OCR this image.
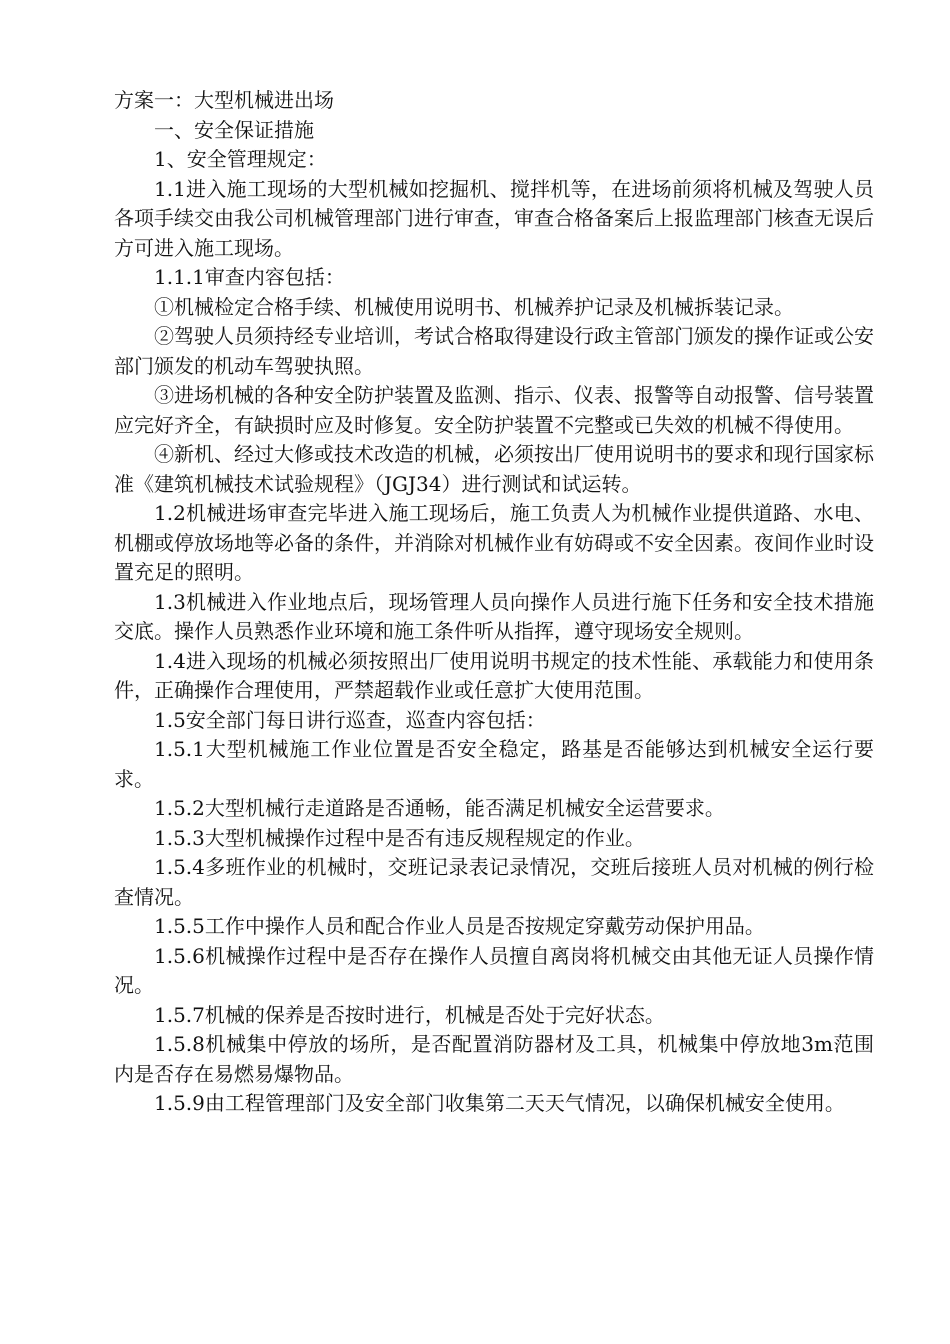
方案一：大型机械进出场

一、安全保证措施

1、安全管理规定：

1.1进入施工现场的大型机械如挖掘机、搅拌机等，在进场前须将机械及驾驶人员各项手续交由我公司机械管理部门进行审查，审查合格备案后上报监理部门核查无误后方可进入施工现场。

1.1.1审查内容包括：

①机械检定合格手续、机械使用说明书、机械养护记录及机械拆装记录。

②驾驶人员须持经专业培训，考试合格取得建设行政主管部门颁发的操作证或公安部门颁发的机动车驾驶执照。

③进场机械的各种安全防护装置及监测、指示、仪表、报警等自动报警、信号装置应完好齐全，有缺损时应及时修复。安全防护装置不完整或已失效的机械不得使用。

④新机、经过大修或技术改造的机械，必须按出厂使用说明书的要求和现行国家标准《建筑机械技术试验规程》（JGJ34）进行测试和试运转。

1.2机械进场审查完毕进入施工现场后，施工负责人为机械作业提供道路、水电、机棚或停放场地等必备的条件，并消除对机械作业有妨碍或不安全因素。夜间作业时设置充足的照明。

1.3机械进入作业地点后，现场管理人员向操作人员进行施下任务和安全技术措施交底。操作人员熟悉作业环境和施工条件听从指挥，遵守现场安全规则。

1.4进入现场的机械必须按照出厂使用说明书规定的技术性能、承载能力和使用条件，正确操作合理使用，严禁超载作业或任意扩大使用范围。

1.5安全部门每日讲行巡查，巡查内容包括：

1.5.1大型机械施工作业位置是否安全稳定，路基是否能够达到机械安全运行要求。

1.5.2大型机械行走道路是否通畅，能否满足机械安全运营要求。

1.5.3大型机械操作过程中是否有违反规程规定的作业。

1.5.4多班作业的机械时，交班记录表记录情况，交班后接班人员对机械的例行检查情况。

1.5.5工作中操作人员和配合作业人员是否按规定穿戴劳动保护用品。

1.5.6机械操作过程中是否存在操作人员擅自离岗将机械交由其他无证人员操作情况。

1.5.7机械的保养是否按时进行，机械是否处于完好状态。

1.5.8机械集中停放的场所，是否配置消防器材及工具，机械集中停放地3m范围内是否存在易燃易爆物品。

1.5.9由工程管理部门及安全部门收集第二天天气情况，以确保机械安全使用。
